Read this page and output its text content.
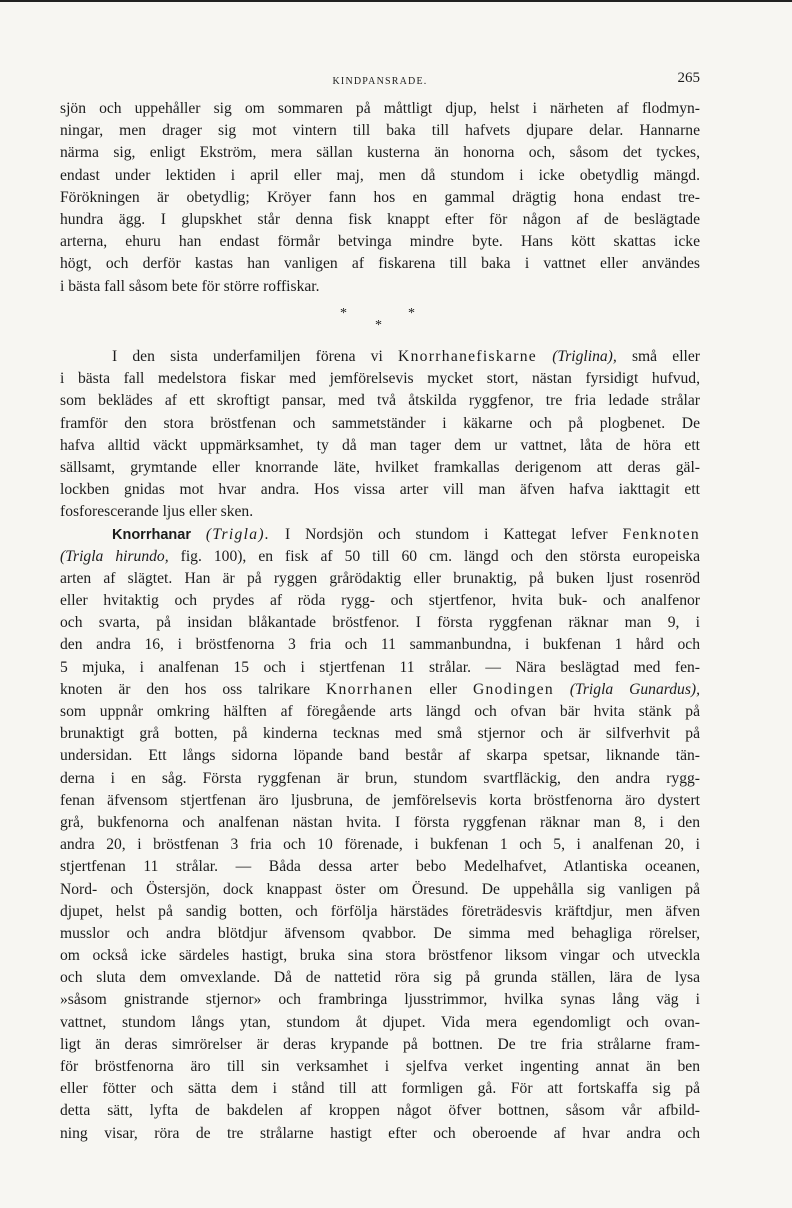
KINDPANSRADE.	265
sjön och uppehåller sig om sommaren på måttligt djup, helst i närheten af flodmyn-
ningar, men drager sig mot vintern till baka till hafvets djupare delar. Hannarne
närma sig, enligt Ekström, mera sällan kusterna än honorna och, såsom det tyckes,
endast under lektiden i april eller maj, men då stundom i icke obetydlig mängd.
Förökningen är obetydlig; Kröyer fann hos en gammal drägtig hona endast tre-
hundra ägg. I glupskhet står denna fisk knappt efter för någon af de beslägtade
arterna, ehuru han endast förmår betvinga mindre byte. Hans kött skattas icke
högt, och derför kastas han vanligen af fiskarena till baka i vattnet eller användes
i bästa fall såsom bete för större roffiskar.
*
*
*
I den sista underfamiljen förena vi Knorrhanefiskarne (Triglina), små eller
i bästa fall medelstora fiskar med jemförelsevis mycket stort, nästan fyrsidigt hufvud,
som beklädes af ett skroftigt pansar, med två åtskilda ryggfenor, tre fria ledade strålar
framför den stora bröstfenan och sammetständer i käkarne och på plogbenet. De
hafva alltid väckt uppmärksamhet, ty då man tager dem ur vattnet, låta de höra ett
sällsamt, grymtande eller knorrande läte, hvilket framkallas derigenom att deras gäl-
lockben gnidas mot hvar andra. Hos vissa arter vill man äfven hafva iakttagit ett
fosforescerande ljus eller sken.
Knorrhanar (Trigla). I Nordsjön och stundom i Kattegat lefver Fenknoten
(Trigla hirundo, fig. 100), en fisk af 50 till 60 cm. längd och den största europeiska
arten af slägtet. Han är på ryggen gråröda​ktig eller brunaktig, på buken ljust rosenröd
eller hvitaktig och prydes af röda rygg- och stjertfenor, hvita buk- och analfenor
och svarta, på insidan blåkantade bröstfenor. I första ryggfenan räknar man 9, i
den andra 16, i bröstfenorna 3 fria och 11 sammanbundna, i bukfenan 1 hård och
5 mjuka, i analfenan 15 och i stjertfenan 11 strålar. — Nära beslägtad med fen-
knoten är den hos oss talrikare Knorrhanen eller Gnodingen (Trigla Gunardus),
som uppnår omkring hälften af föregående arts längd och ofvan bär hvita stänk på
brunaktigt grå botten, på kinderna tecknas med små stjernor och är silfverhvit på
undersidan. Ett långs sidorna löpande band består af skarpa spetsar, liknande tän-
derna i en såg. Första ryggfenan är brun, stundom svartfläckig, den andra rygg-
fenan äfvensom stjertfenan äro ljusbruna, de jemförelsevis korta bröstfenorna äro dystert
grå, bukfenorna och analfenan nästan hvita. I första ryggfenan räknar man 8, i den
andra 20, i bröstfenan 3 fria och 10 förenade, i bukfenan 1 och 5, i analfenan 20, i
stjertfenan 11 strålar. — Båda dessa arter bebo Medelhafvet, Atlantiska oceanen,
Nord- och Östersjön, dock knappast öster om Öresund. De uppehålla sig vanligen på
djupet, helst på sandig botten, och förfölja härstädes företrädesvis kräftdjur, men äfven
musslor och andra blötdjur äfvensom qvabbor. De simma med behagliga rörelser,
om också icke särdeles hastigt, bruka sina stora bröstfenor liksom vingar och utveckla
och sluta dem omvexlande. Då de nattetid röra sig på grunda ställen, lära de lysa
»såsom gnistrande stjernor» och frambringa ljusstrimmor, hvilka synas lång väg i
vattnet, stundom långs ytan, stundom åt djupet. Vida mera egendomligt och ovan-
ligt än deras simrörelser är deras krypande på bottnen. De tre fria strålarne fram-
för bröstfenorna äro till sin verksamhet i sjelfva verket ingenting annat än ben
eller fötter och sätta dem i stånd till att formligen gå. För att fortskaffa sig på
detta sätt, lyfta de bakdelen af kroppen något öfver bottnen, såsom vår afbild-
ning visar, röra de tre strålarne hastigt efter och oberoende af hvar andra och
